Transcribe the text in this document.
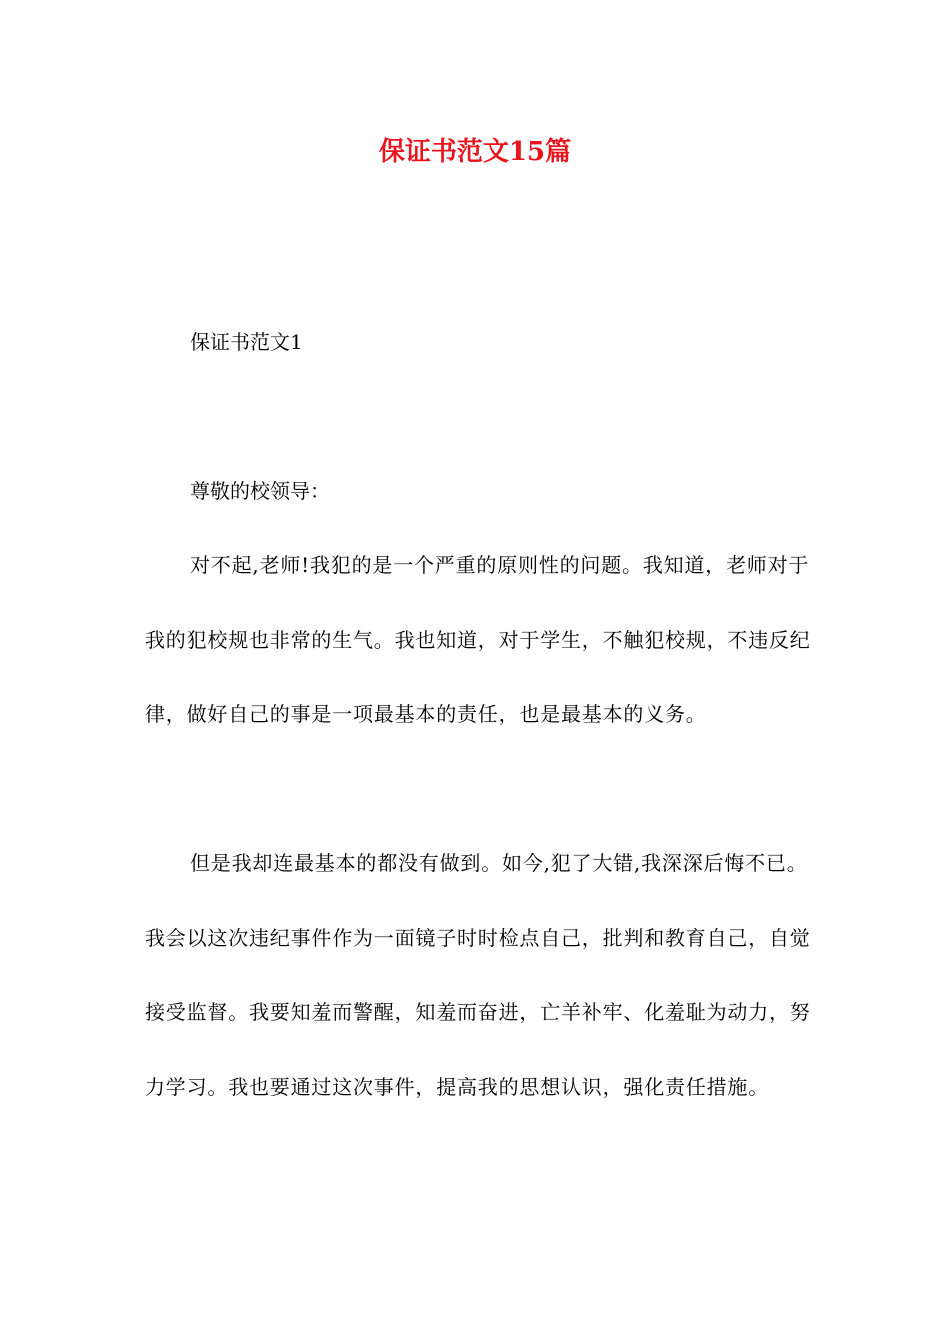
保证书范文15篇

保证书范文1

尊敬的校领导：

对不起,老师!我犯的是一个严重的原则性的问题。我知道，老师对于我的犯校规也非常的生气。我也知道，对于学生，不触犯校规，不违反纪律，做好自己的事是一项最基本的责任，也是最基本的义务。

但是我却连最基本的都没有做到。如今,犯了大错,我深深后悔不已。我会以这次违纪事件作为一面镜子时时检点自己，批判和教育自己，自觉接受监督。我要知羞而警醒，知羞而奋进，亡羊补牢、化羞耻为动力，努力学习。我也要通过这次事件，提高我的思想认识，强化责任措施。
